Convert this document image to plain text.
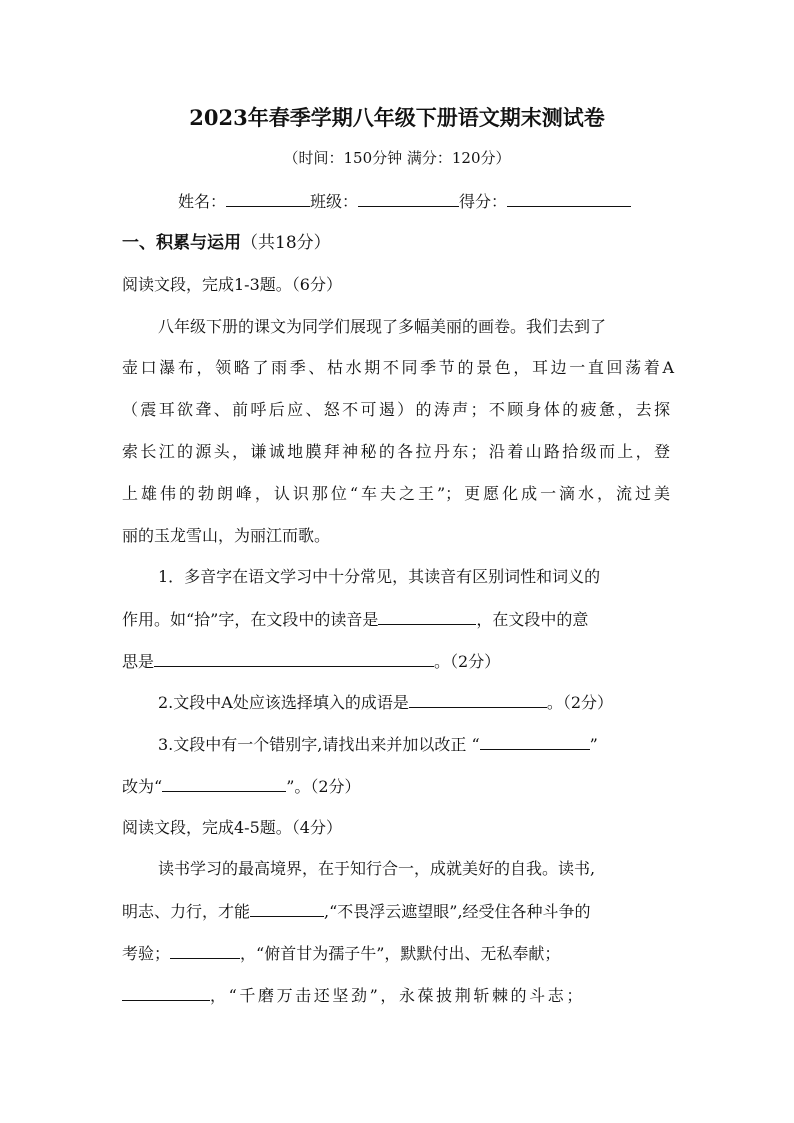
2023年春季学期八年级下册语文期末测试卷
（时间：150分钟 满分：120分）
姓名：	班级：	得分：
一、积累与运用（共18分）
阅读文段，完成1-3题。（6分）
八年级下册的课文为同学们展现了多幅美丽的画卷。我们去到了
壶口瀑布，领略了雨季、枯水期不同季节的景色，耳边一直回荡着A
（震耳欲聋、前呼后应、怒不可遏）的涛声；不顾身体的疲惫，去探
索长江的源头，谦诚地膜拜神秘的各拉丹东；沿着山路拾级而上，登
上雄伟的勃朗峰，认识那位“车夫之王”；更愿化成一滴水，流过美
丽的玉龙雪山，为丽江而歌。
1．多音字在语文学习中十分常见，其读音有区别词性和词义的
作用。如“拾”字，在文段中的读音是	，在文段中的意
思是	。（2分）
2.文段中A处应该选择填入的成语是	。（2分）
3.文段中有一个错别字,请找出来并加以改正 “	”
改为“	”。（2分）
阅读文段，完成4-5题。（4分）
读书学习的最高境界，在于知行合一，成就美好的自我。读书,
明志、力行，才能	,“不畏浮云遮望眼”,经受住各种斗争的
考验；	，“俯首甘为孺子牛”，默默付出、无私奉献；
，“千磨万击还坚劲”，永葆披荆斩棘的斗志；
